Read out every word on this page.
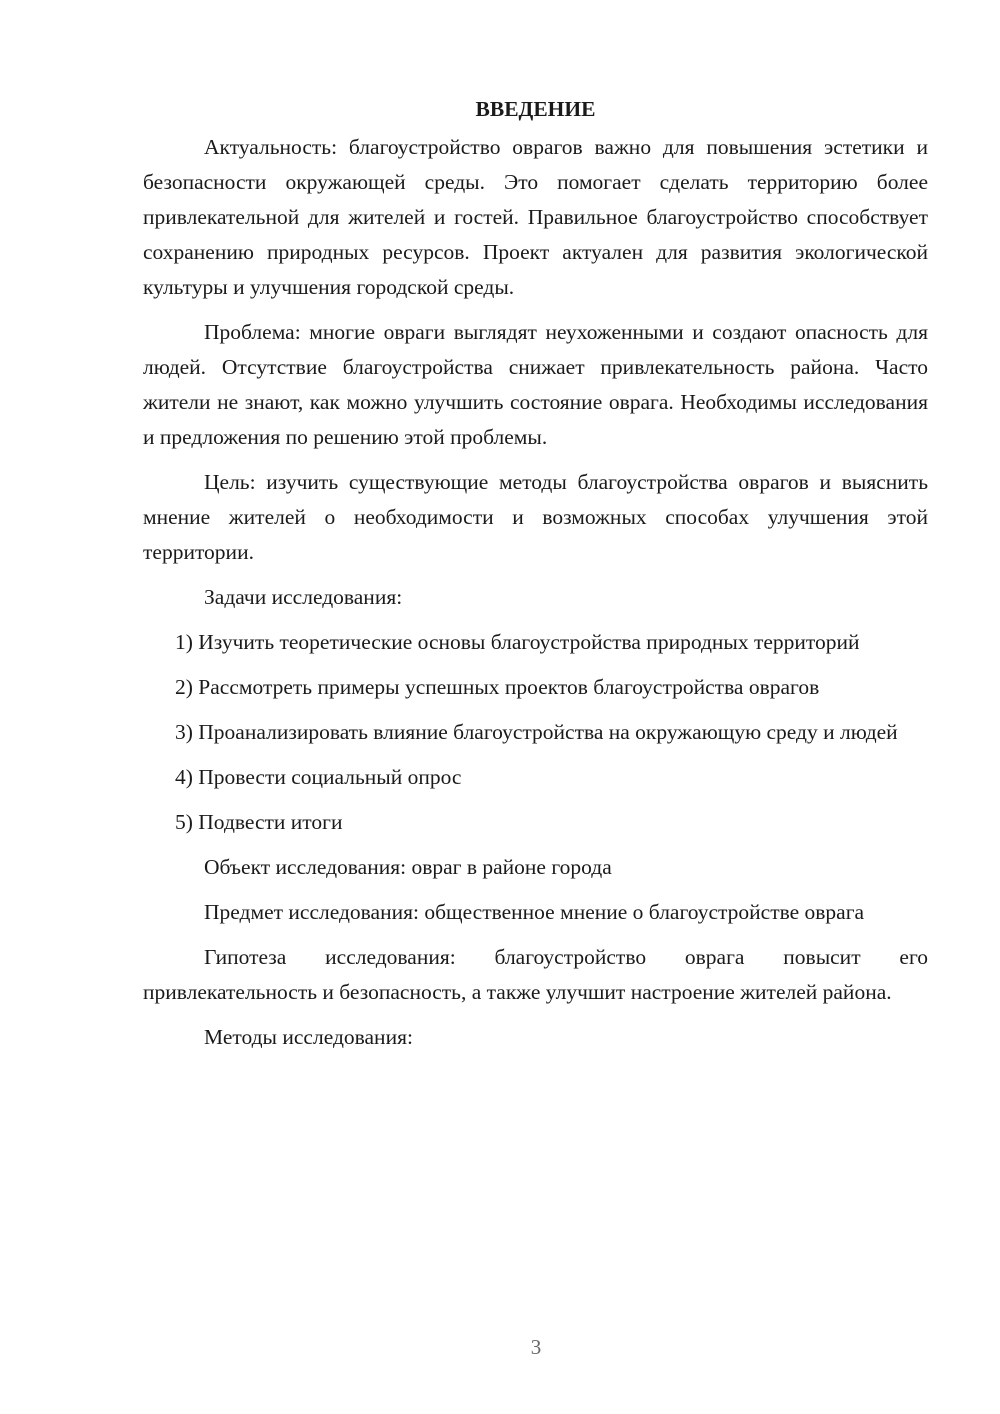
ВВЕДЕНИЕ

Актуальность: благоустройство оврагов важно для повышения эстетики и безопасности окружающей среды. Это помогает сделать территорию более привлекательной для жителей и гостей. Правильное благоустройство способствует сохранению природных ресурсов. Проект актуален для развития экологической культуры и улучшения городской среды.

Проблема: многие овраги выглядят неухоженными и создают опасность для людей. Отсутствие благоустройства снижает привлекательность района. Часто жители не знают, как можно улучшить состояние оврага. Необходимы исследования и предложения по решению этой проблемы.

Цель: изучить существующие методы благоустройства оврагов и выяснить мнение жителей о необходимости и возможных способах улучшения этой территории.

Задачи исследования:

1) Изучить теоретические основы благоустройства природных территорий

2) Рассмотреть примеры успешных проектов благоустройства оврагов

3) Проанализировать влияние благоустройства на окружающую среду и людей

4) Провести социальный опрос

5) Подвести итоги

Объект исследования: овраг в районе города

Предмет исследования: общественное мнение о благоустройстве оврага

Гипотеза исследования: благоустройство оврага повысит его привлекательность и безопасность, а также улучшит настроение жителей района.

Методы исследования:

3
